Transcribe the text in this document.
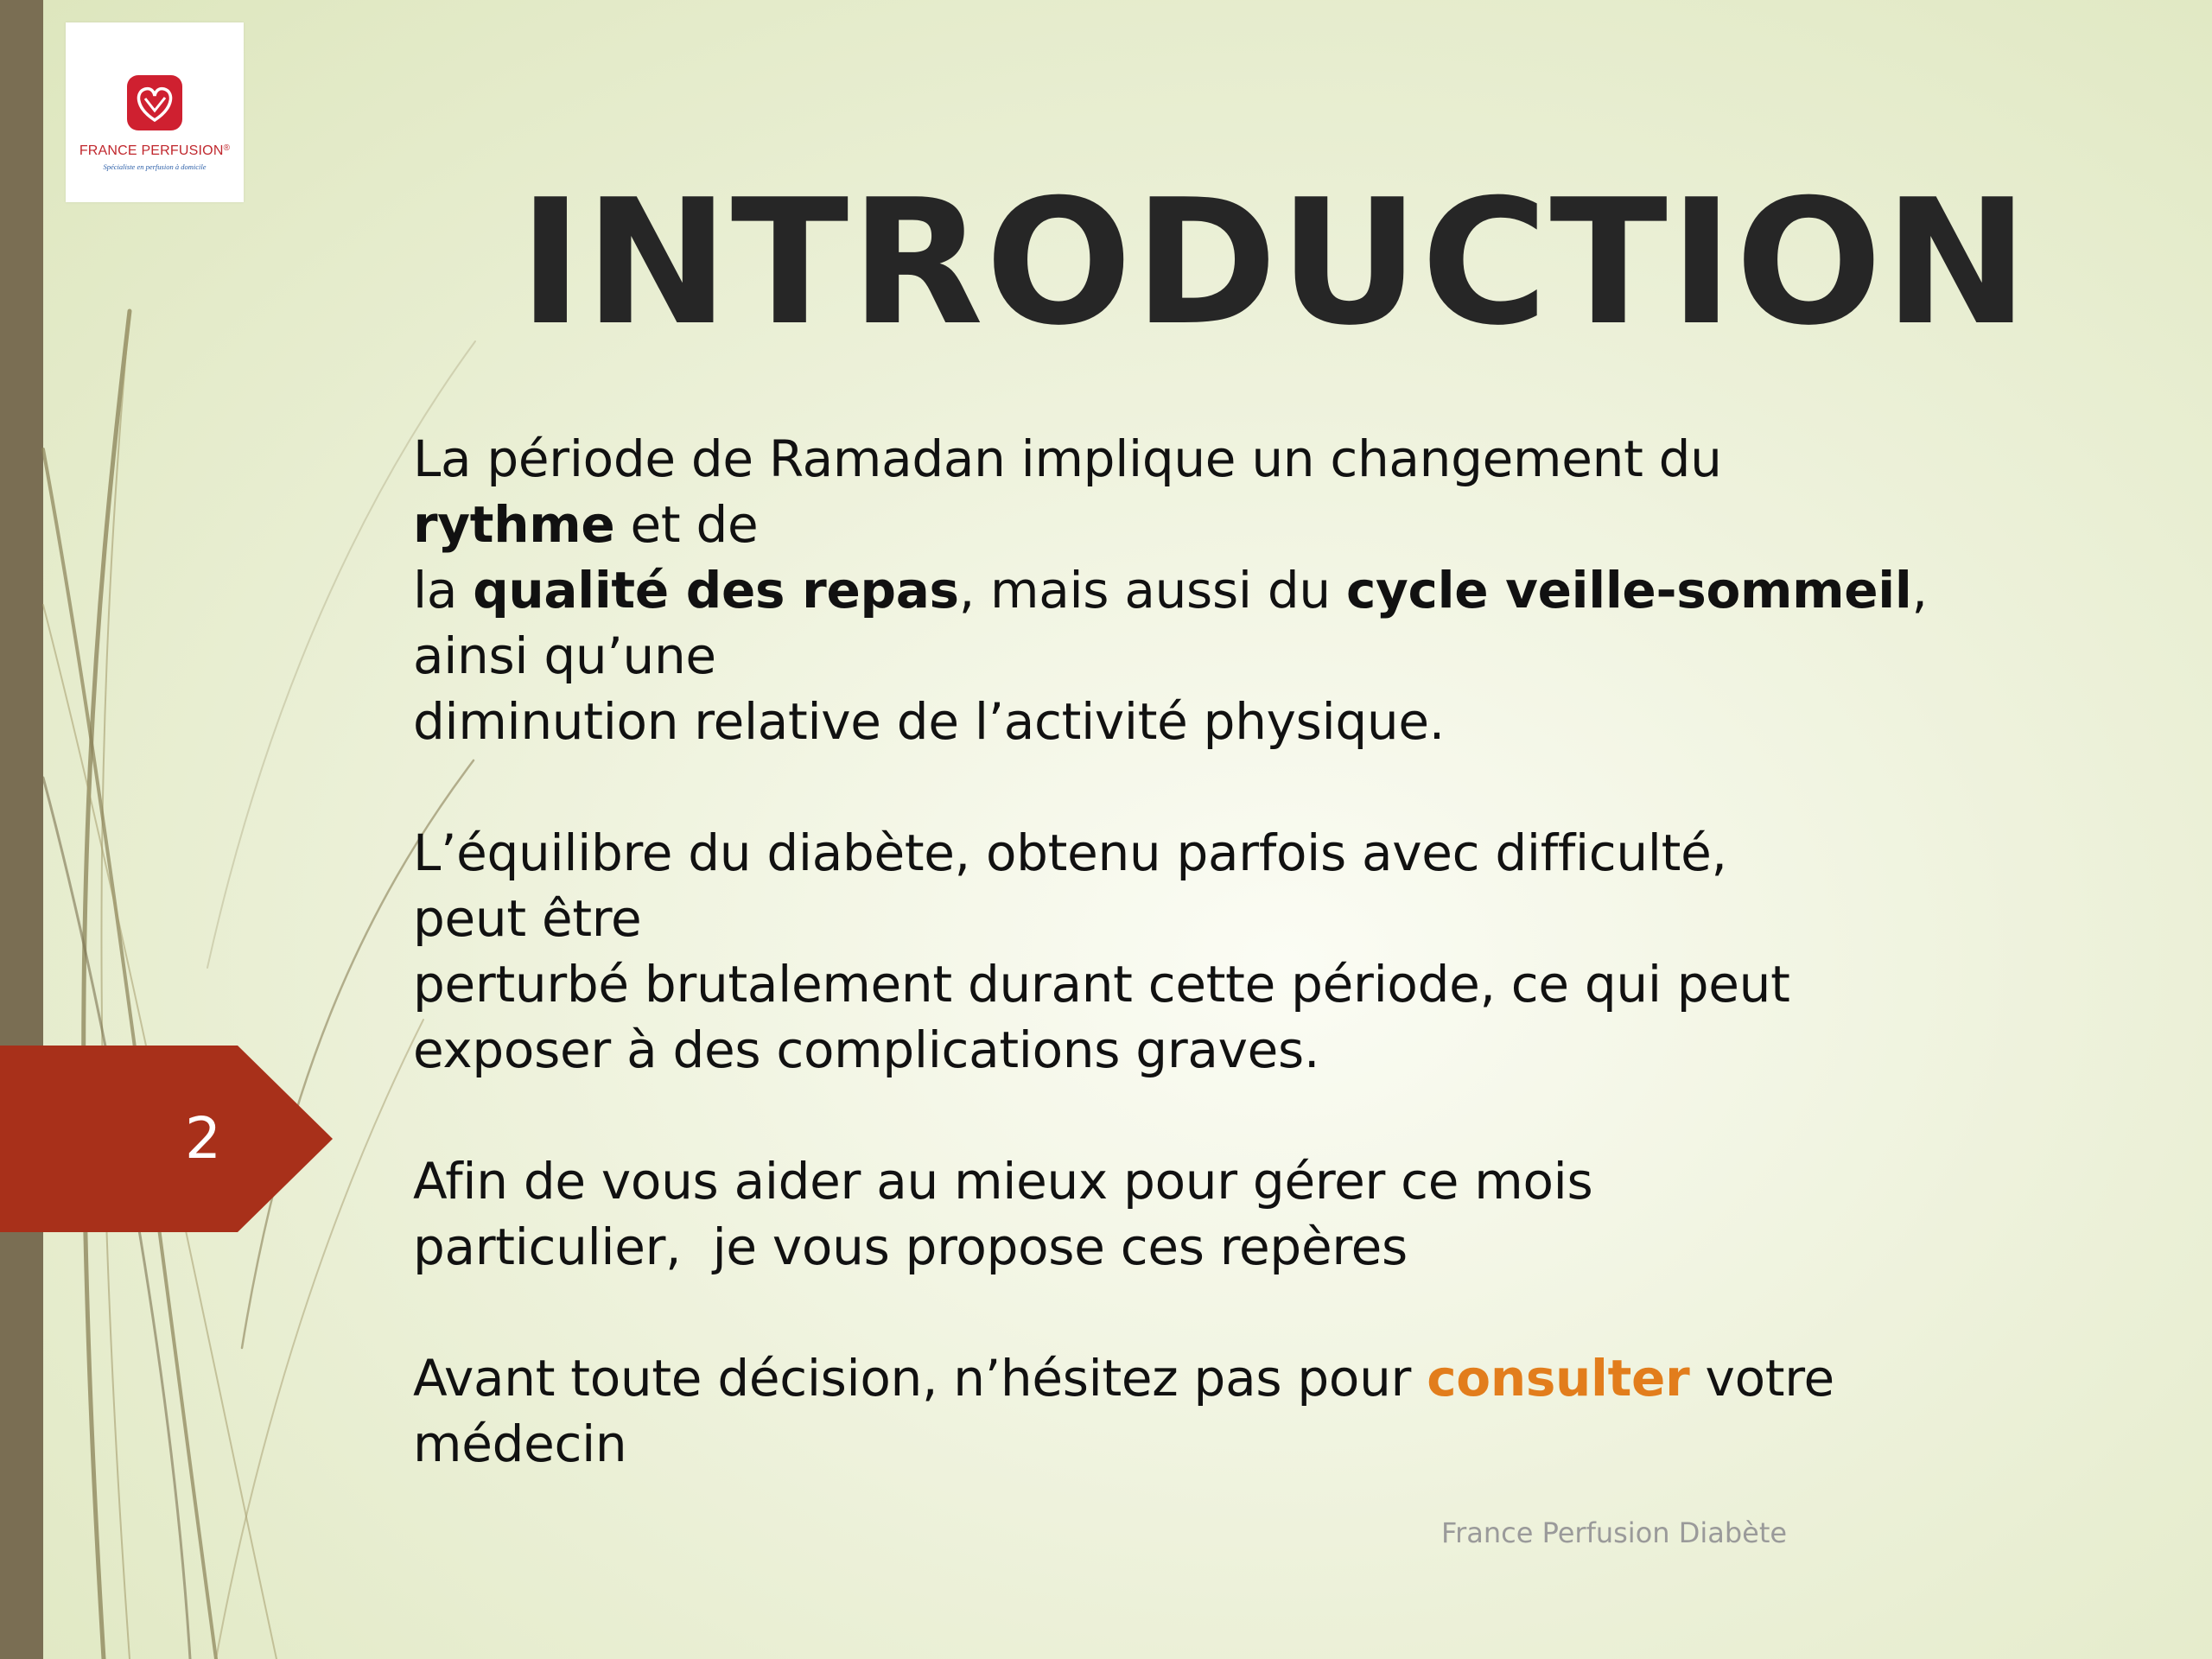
FRANCE PERFUSION®
Spécialiste en perfusion à domicile INTRODUCTION

La période de Ramadan implique un changement du

rythme et de

la qualité des repas, mais aussi du cycle veille-sommeil,

ainsi qu’une

diminution relative de l’activité physique.

L’équilibre du diabète, obtenu parfois avec difficulté,

peut être

perturbé brutalement durant cette période, ce qui peut

exposer à des complications graves.

Afin de vous aider au mieux pour gérer ce mois

particulier,  je vous propose ces repères

Avant toute décision, n’hésitez pas pour consulter votre

médecin

2
France Perfusion Diabète
